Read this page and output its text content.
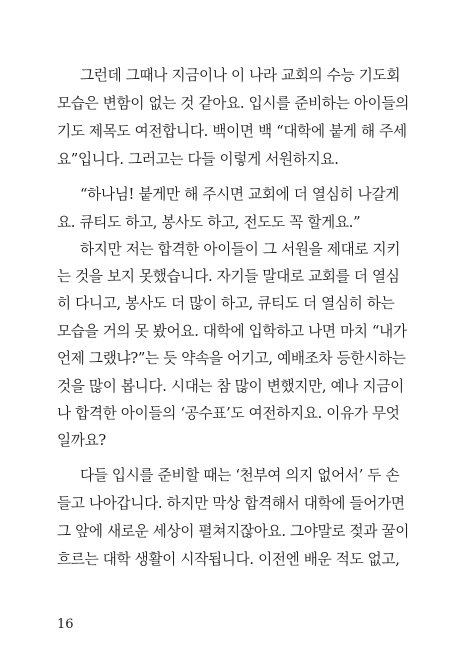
그런데 그때나 지금이나 이 나라 교회의 수능 기도회
모습은 변함이 없는 것 같아요. 입시를 준비하는 아이들의
기도 제목도 여전합니다. 백이면 백 “대학에 붙게 해 주세
요”입니다. 그러고는 다들 이렇게 서원하지요.
“하나님! 붙게만 해 주시면 교회에 더 열심히 나갈게
요. 큐티도 하고, 봉사도 하고, 전도도 꼭 할게요.”
하지만 저는 합격한 아이들이 그 서원을 제대로 지키
는 것을 보지 못했습니다. 자기들 말대로 교회를 더 열심
히 다니고, 봉사도 더 많이 하고, 큐티도 더 열심히 하는
모습을 거의 못 봤어요. 대학에 입학하고 나면 마치 “내가
언제 그랬냐?”는 듯 약속을 어기고, 예배조차 등한시하는
것을 많이 봅니다. 시대는 참 많이 변했지만, 예나 지금이
나 합격한 아이들의 ‘공수표’도 여전하지요. 이유가 무엇
일까요?
다들 입시를 준비할 때는 ‘천부여 의지 없어서’ 두 손
들고 나아갑니다. 하지만 막상 합격해서 대학에 들어가면
그 앞에 새로운 세상이 펼쳐지잖아요. 그야말로 젖과 꿀이
흐르는 대학 생활이 시작됩니다. 이전엔 배운 적도 없고,
16
